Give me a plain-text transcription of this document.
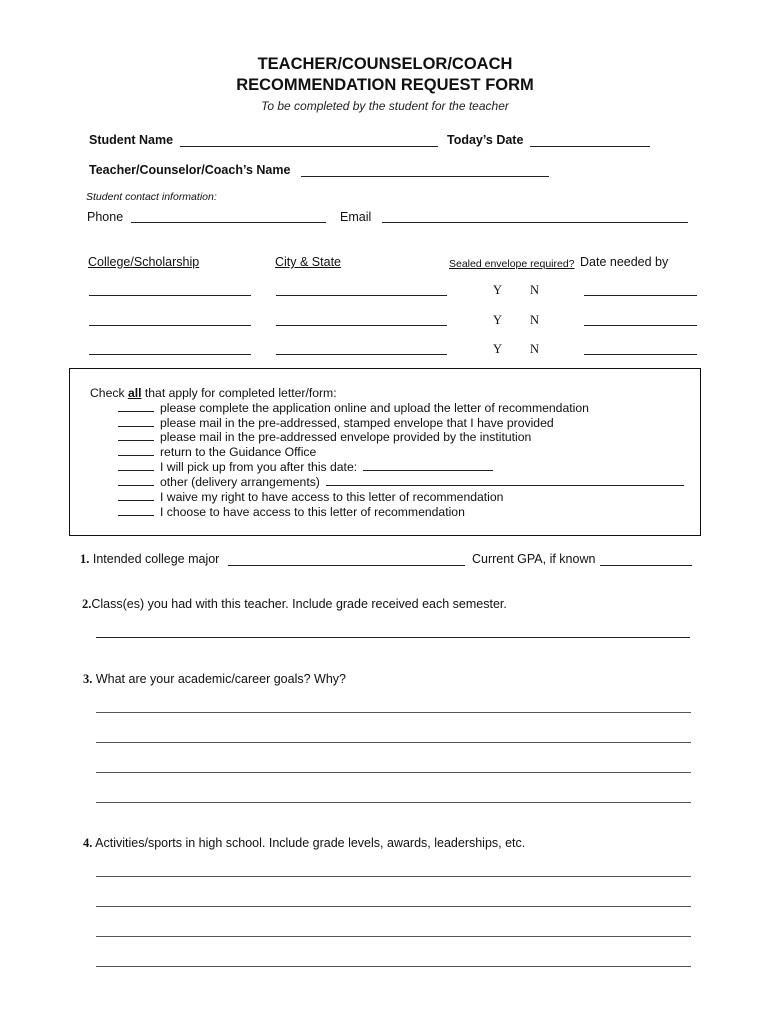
TEACHER/COUNSELOR/COACH
RECOMMENDATION REQUEST FORM
To be completed by the student for the teacher
Student Name	Today’s Date
Teacher/Counselor/Coach’s Name
Student contact information:
Phone	Email
College/Scholarship	City & State	Sealed envelope required? Date needed by
Y N
Y N
Y N
Check all that apply for completed letter/form:
please complete the application online and upload the letter of recommendation
please mail in the pre-addressed, stamped envelope that I have provided
please mail in the pre-addressed envelope provided by the institution
return to the Guidance Office
I will pick up from you after this date:
other (delivery arrangements)
I waive my right to have access to this letter of recommendation
I choose to have access to this letter of recommendation
1. Intended college major	Current GPA, if known
2.Class(es) you had with this teacher. Include grade received each semester.
3. What are your academic/career goals? Why?
4. Activities/sports in high school. Include grade levels, awards, leaderships, etc.
